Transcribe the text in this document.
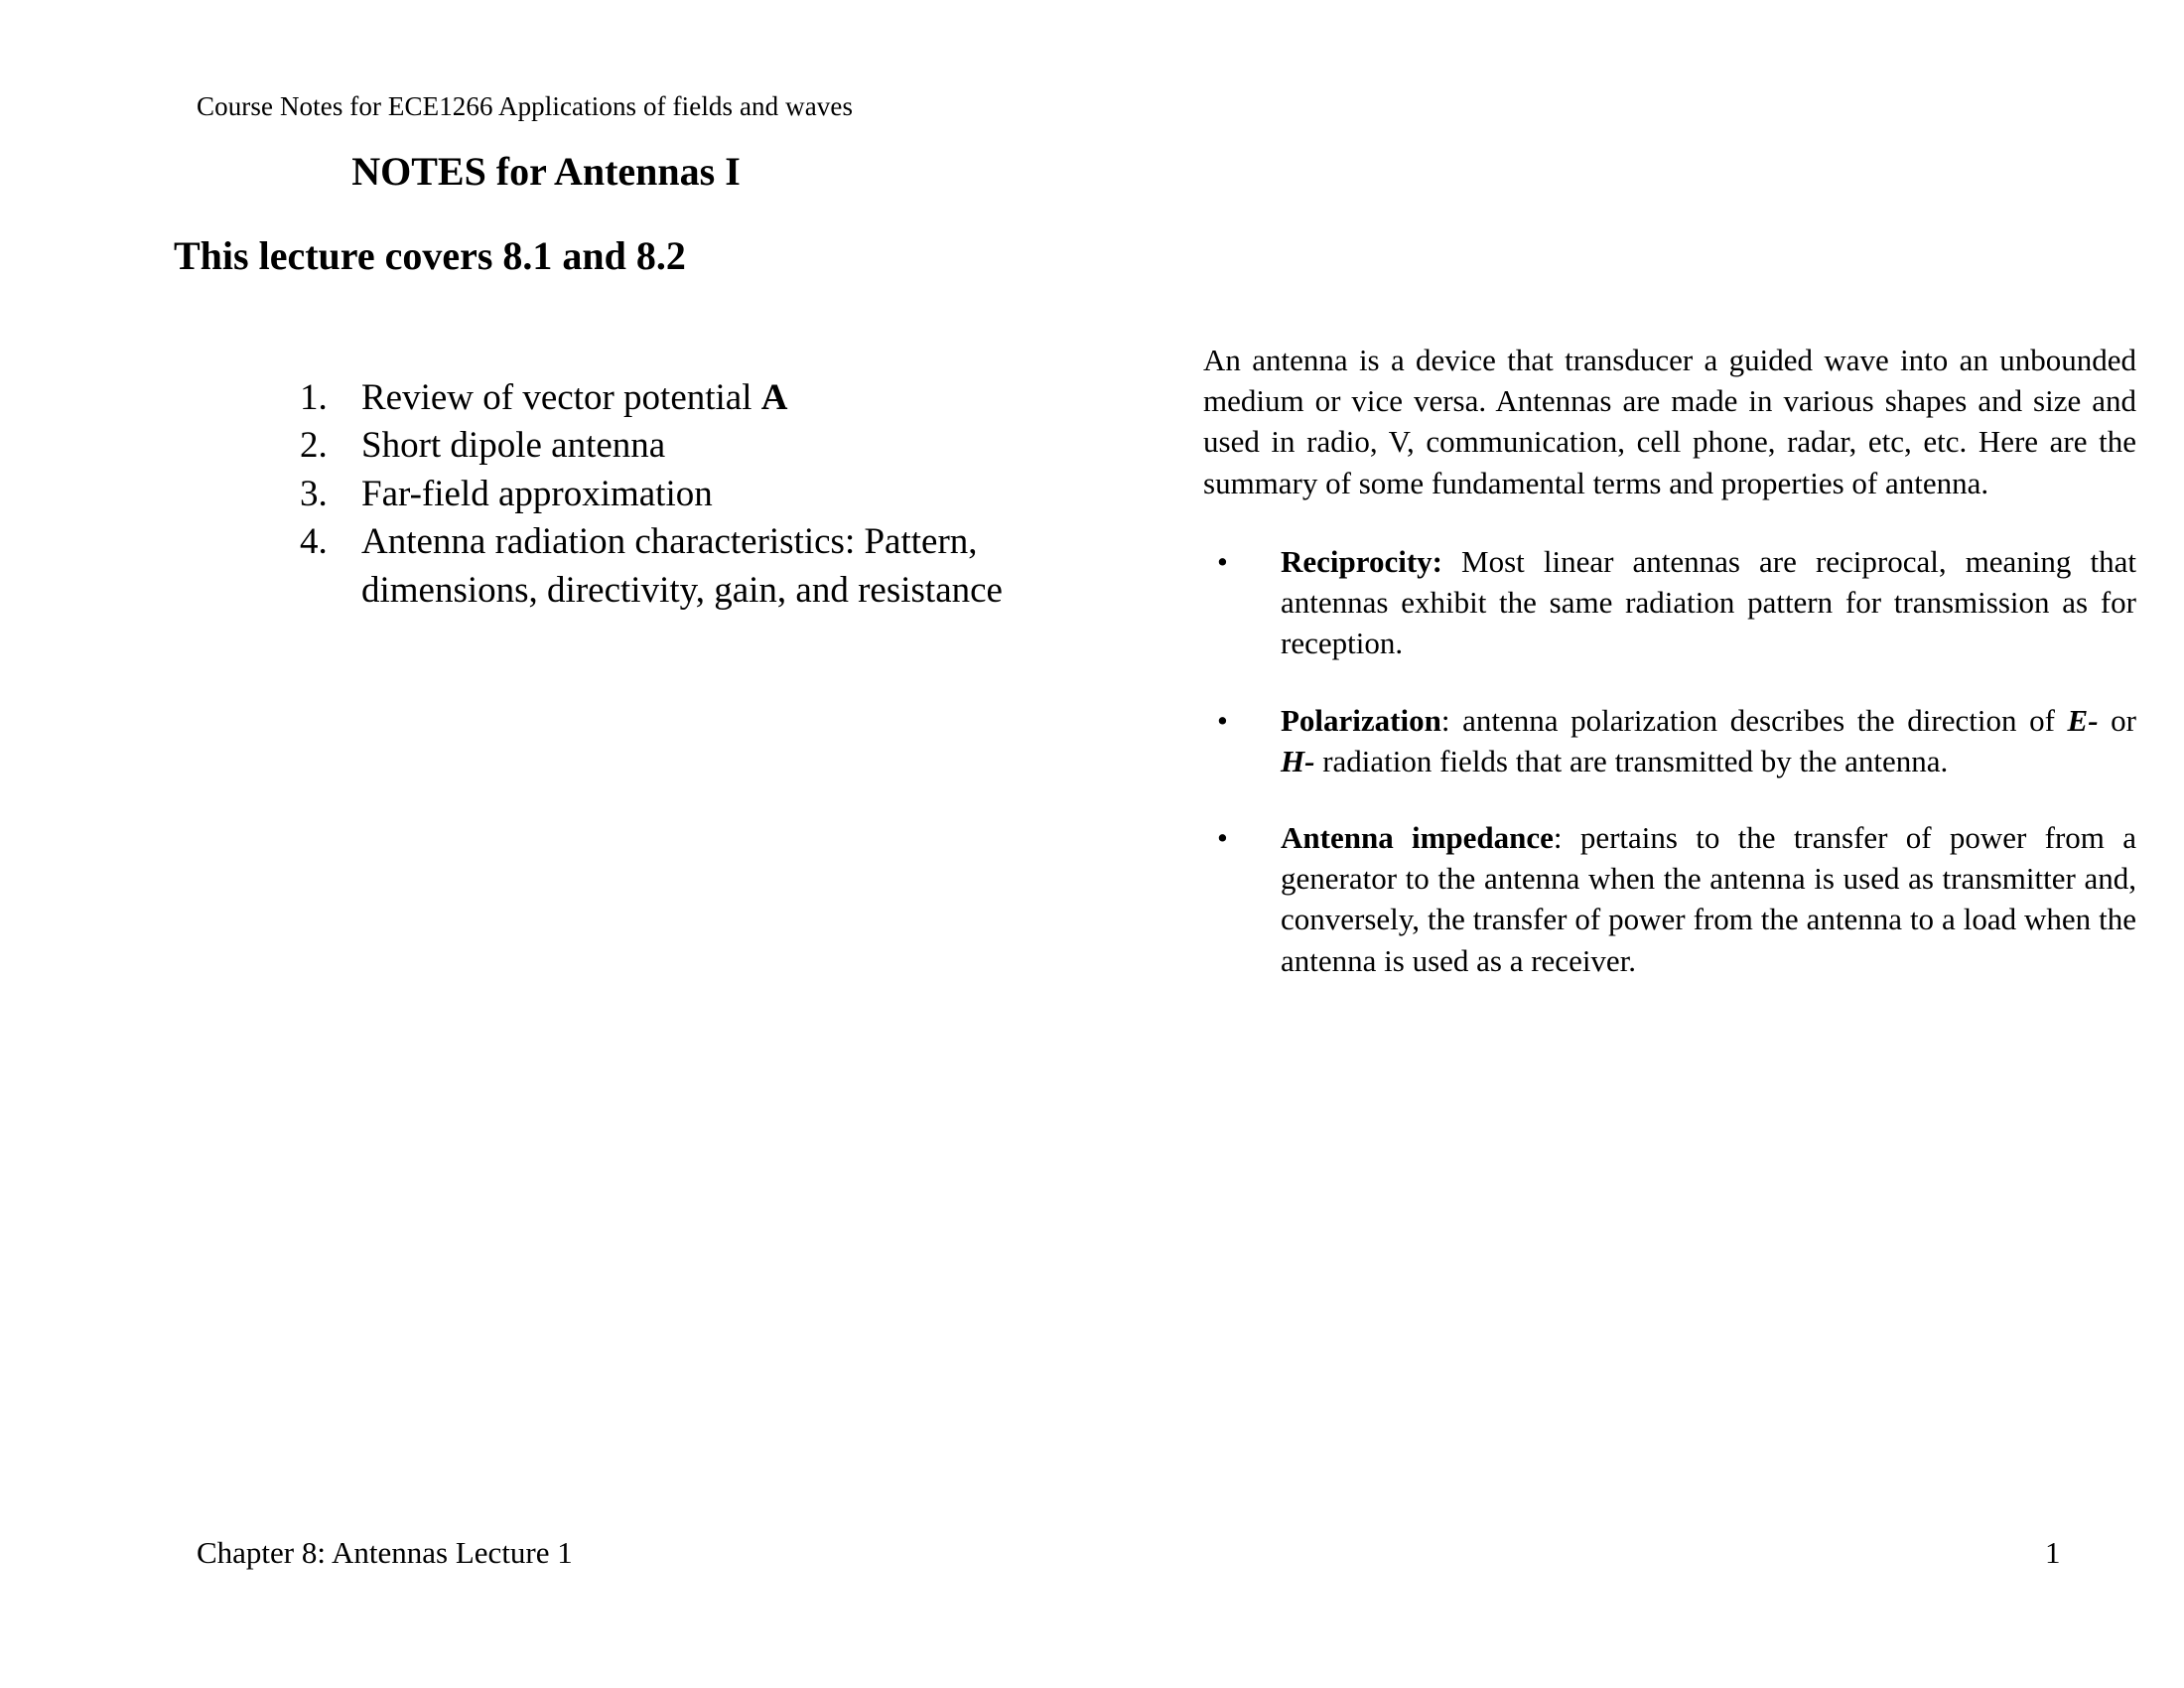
Course Notes for ECE1266 Applications of fields and waves
NOTES for Antennas I
This lecture covers 8.1 and 8.2
1. Review of vector potential A
2. Short dipole antenna
3. Far-field approximation
4. Antenna radiation characteristics: Pattern, dimensions, directivity, gain, and resistance

An antenna is a device that transducer a guided wave into an unbounded medium or vice versa. Antennas are made in various shapes and size and used in radio, V, communication, cell phone, radar, etc, etc. Here are the summary of some fundamental terms and properties of antenna.

• Reciprocity: Most linear antennas are reciprocal, meaning that antennas exhibit the same radiation pattern for transmission as for reception.
• Polarization: antenna polarization describes the direction of E- or H- radiation fields that are transmitted by the antenna.
• Antenna impedance: pertains to the transfer of power from a generator to the antenna when the antenna is used as transmitter and, conversely, the transfer of power from the antenna to a load when the antenna is used as a receiver.
Chapter 8: Antennas Lecture 1	1
